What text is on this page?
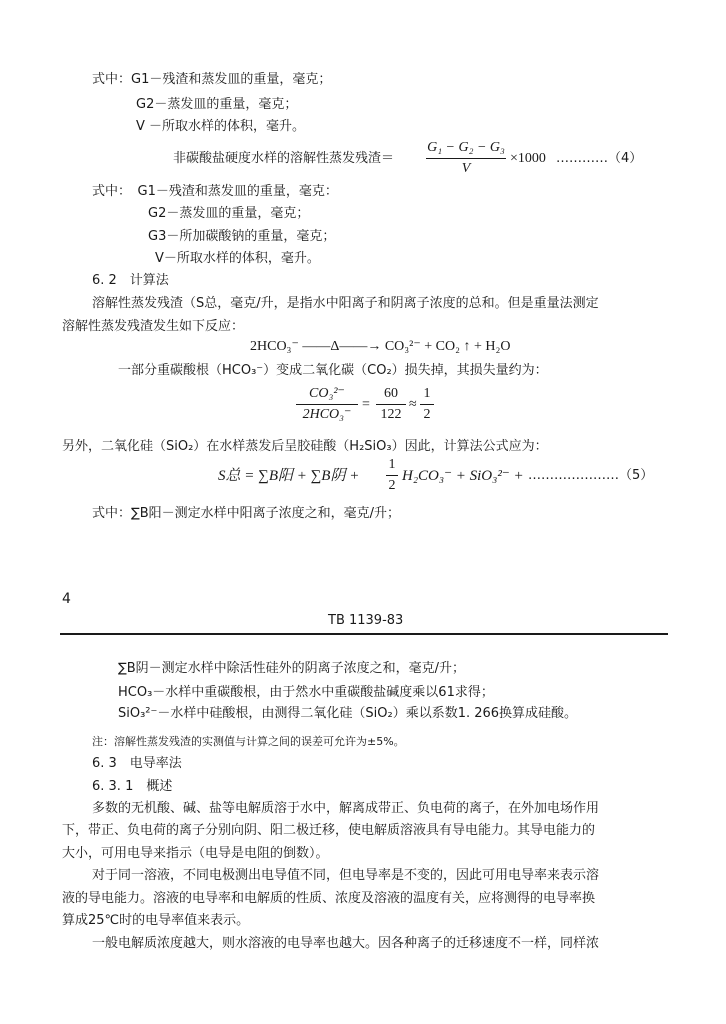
式中：G1－残渣和蒸发皿的重量，毫克；
G2－蒸发皿的重量，毫克；
V －所取水样的体积，毫升。
非碳酸盐硬度水样的溶解性蒸发残渣＝
G₁ − G₂ − G₃
V
×1000 …………（4）
式中：　G1－残渣和蒸发皿的重量，毫克：
G2－蒸发皿的重量，毫克；
G3－所加碳酸钠的重量，毫克；
V－所取水样的体积，毫升。
6. 2　计算法
溶解性蒸发残渣（S总，毫克/升，是指水中阳离子和阴离子浓度的总和。但是重量法测定
溶解性蒸发残渣发生如下反应：
2HCO₃⁻ ——Δ——→ CO₃²⁻ + CO₂ ↑ + H₂O
一部分重碳酸根（HCO₃⁻）变成二氧化碳（CO₂）损失掉，其损失量约为：
CO₃²⁻
2HCO₃⁻
=
60
122
≈
1
2
另外，二氧化硅（SiO₂）在水样蒸发后呈胶硅酸（H₂SiO₃）因此，计算法公式应为：
S总 = ∑B阳 + ∑B阴 +
1
2
H₂CO₃⁻ + SiO₃²⁻ + …………………（5）
式中：∑B阳－测定水样中阳离子浓度之和，毫克/升；
4
TB 1139-83
∑B阴－测定水样中除活性硅外的阴离子浓度之和，毫克/升；
HCO₃－水样中重碳酸根，由于然水中重碳酸盐碱度乘以61求得；
SiO₃²⁻－水样中硅酸根，由测得二氧化硅（SiO₂）乘以系数1. 266换算成硅酸。
注：溶解性蒸发残渣的实测值与计算之间的误差可允许为±5%。
6. 3　电导率法
6. 3. 1　概述
多数的无机酸、碱、盐等电解质溶于水中，解离成带正、负电荷的离子，在外加电场作用
下，带正、负电荷的离子分别向阴、阳二极迁移，使电解质溶液具有导电能力。其导电能力的
大小，可用电导来指示（电导是电阻的倒数）。
对于同一溶液，不同电极测出电导值不同，但电导率是不变的，因此可用电导率来表示溶
液的导电能力。溶液的电导率和电解质的性质、浓度及溶液的温度有关，应将测得的电导率换
算成25℃时的电导率值来表示。
一般电解质浓度越大，则水溶液的电导率也越大。因各种离子的迁移速度不一样，同样浓
